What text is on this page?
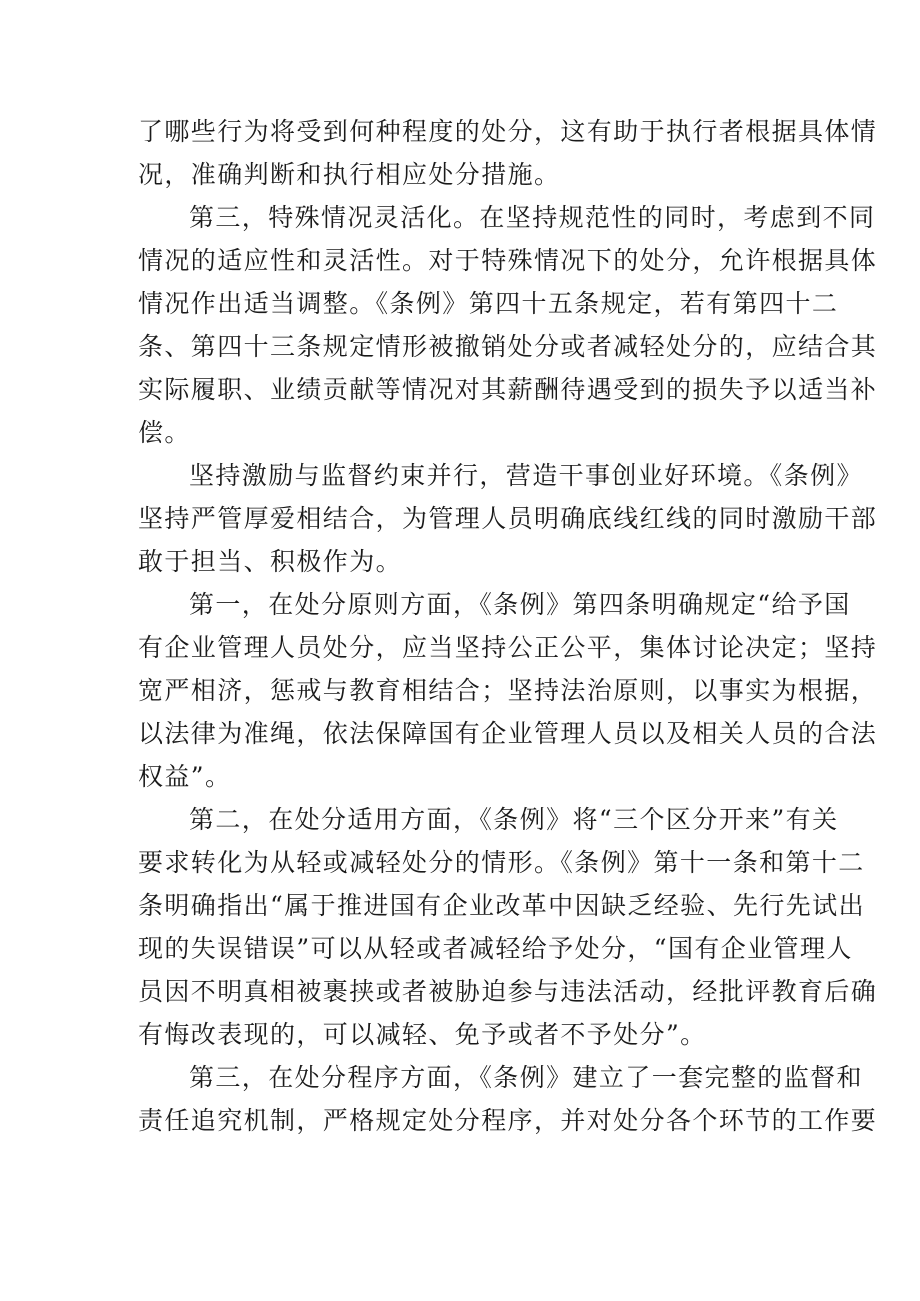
了哪些行为将受到何种程度的处分，这有助于执行者根据具体情
况，准确判断和执行相应处分措施。
第三，特殊情况灵活化。在坚持规范性的同时，考虑到不同
情况的适应性和灵活性。对于特殊情况下的处分，允许根据具体
情况作出适当调整。《条例》第四十五条规定，若有第四十二
条、第四十三条规定情形被撤销处分或者减轻处分的，应结合其
实际履职、业绩贡献等情况对其薪酬待遇受到的损失予以适当补
偿。
坚持激励与监督约束并行，营造干事创业好环境。《条例》
坚持严管厚爱相结合，为管理人员明确底线红线的同时激励干部
敢于担当、积极作为。
第一，在处分原则方面，《条例》第四条明确规定“给予国
有企业管理人员处分，应当坚持公正公平，集体讨论决定；坚持
宽严相济，惩戒与教育相结合；坚持法治原则，以事实为根据，
以法律为准绳，依法保障国有企业管理人员以及相关人员的合法
权益”。
第二，在处分适用方面，《条例》将“三个区分开来”有关
要求转化为从轻或减轻处分的情形。《条例》第十一条和第十二
条明确指出“属于推进国有企业改革中因缺乏经验、先行先试出
现的失误错误”可以从轻或者减轻给予处分，“国有企业管理人
员因不明真相被裹挟或者被胁迫参与违法活动，经批评教育后确
有悔改表现的，可以减轻、免予或者不予处分”。
第三，在处分程序方面，《条例》建立了一套完整的监督和
责任追究机制，严格规定处分程序，并对处分各个环节的工作要
